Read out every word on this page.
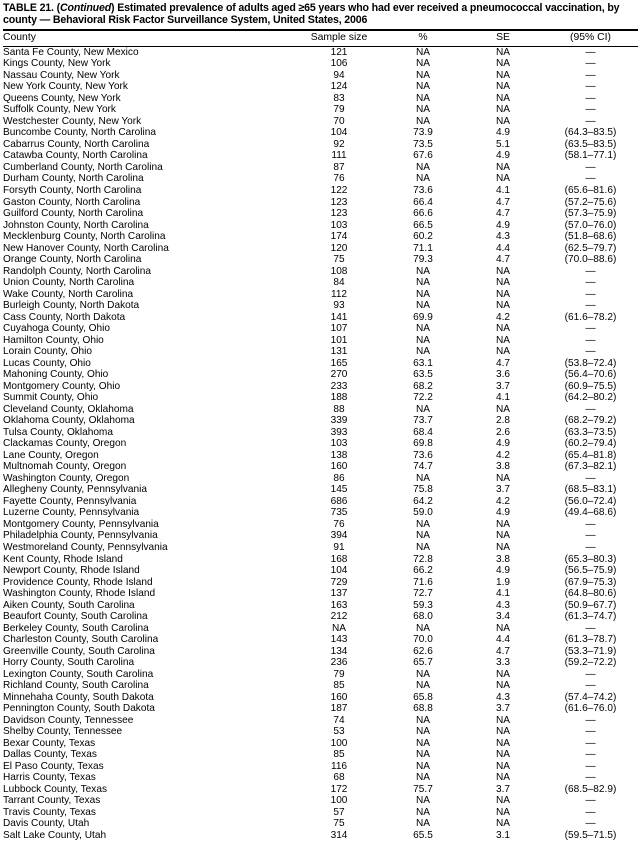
TABLE 21. (Continued) Estimated prevalence of adults aged ≥65 years who had ever received a pneumococcal vaccination, by county — Behavioral Risk Factor Surveillance System, United States, 2006
County	Sample size	%	SE	(95% CI)
Santa Fe County, New Mexico	121	NA	NA	—
Kings County, New York	106	NA	NA	—
Nassau County, New York	94	NA	NA	—
New York County, New York	124	NA	NA	—
Queens County, New York	83	NA	NA	—
Suffolk County, New York	79	NA	NA	—
Westchester County, New York	70	NA	NA	—
Buncombe County, North Carolina	104	73.9	4.9	(64.3–83.5)
Cabarrus County, North Carolina	92	73.5	5.1	(63.5–83.5)
Catawba County, North Carolina	111	67.6	4.9	(58.1–77.1)
Cumberland County, North Carolina	87	NA	NA	—
Durham County, North Carolina	76	NA	NA	—
Forsyth County, North Carolina	122	73.6	4.1	(65.6–81.6)
Gaston County, North Carolina	123	66.4	4.7	(57.2–75.6)
Guilford County, North Carolina	123	66.6	4.7	(57.3–75.9)
Johnston County, North Carolina	103	66.5	4.9	(57.0–76.0)
Mecklenburg County, North Carolina	174	60.2	4.3	(51.8–68.6)
New Hanover County, North Carolina	120	71.1	4.4	(62.5–79.7)
Orange County, North Carolina	75	79.3	4.7	(70.0–88.6)
Randolph County, North Carolina	108	NA	NA	—
Union County, North Carolina	84	NA	NA	—
Wake County, North Carolina	112	NA	NA	—
Burleigh County, North Dakota	93	NA	NA	—
Cass County, North Dakota	141	69.9	4.2	(61.6–78.2)
Cuyahoga County, Ohio	107	NA	NA	—
Hamilton County, Ohio	101	NA	NA	—
Lorain County, Ohio	131	NA	NA	—
Lucas County, Ohio	165	63.1	4.7	(53.8–72.4)
Mahoning County, Ohio	270	63.5	3.6	(56.4–70.6)
Montgomery County, Ohio	233	68.2	3.7	(60.9–75.5)
Summit County, Ohio	188	72.2	4.1	(64.2–80.2)
Cleveland County, Oklahoma	88	NA	NA	—
Oklahoma County, Oklahoma	339	73.7	2.8	(68.2–79.2)
Tulsa County, Oklahoma	393	68.4	2.6	(63.3–73.5)
Clackamas County, Oregon	103	69.8	4.9	(60.2–79.4)
Lane County, Oregon	138	73.6	4.2	(65.4–81.8)
Multnomah County, Oregon	160	74.7	3.8	(67.3–82.1)
Washington County, Oregon	86	NA	NA	—
Allegheny County, Pennsylvania	145	75.8	3.7	(68.5–83.1)
Fayette County, Pennsylvania	686	64.2	4.2	(56.0–72.4)
Luzerne County, Pennsylvania	735	59.0	4.9	(49.4–68.6)
Montgomery County, Pennsylvania	76	NA	NA	—
Philadelphia County, Pennsylvania	394	NA	NA	—
Westmoreland County, Pennsylvania	91	NA	NA	—
Kent County, Rhode Island	168	72.8	3.8	(65.3–80.3)
Newport County, Rhode Island	104	66.2	4.9	(56.5–75.9)
Providence County, Rhode Island	729	71.6	1.9	(67.9–75.3)
Washington County, Rhode Island	137	72.7	4.1	(64.8–80.6)
Aiken County, South Carolina	163	59.3	4.3	(50.9–67.7)
Beaufort County, South Carolina	212	68.0	3.4	(61.3–74.7)
Berkeley County, South Carolina	NA	NA	NA	—
Charleston County, South Carolina	143	70.0	4.4	(61.3–78.7)
Greenville County, South Carolina	134	62.6	4.7	(53.3–71.9)
Horry County, South Carolina	236	65.7	3.3	(59.2–72.2)
Lexington County, South Carolina	79	NA	NA	—
Richland County, South Carolina	85	NA	NA	—
Minnehaha County, South Dakota	160	65.8	4.3	(57.4–74.2)
Pennington County, South Dakota	187	68.8	3.7	(61.6–76.0)
Davidson County, Tennessee	74	NA	NA	—
Shelby County, Tennessee	53	NA	NA	—
Bexar County, Texas	100	NA	NA	—
Dallas County, Texas	85	NA	NA	—
El Paso County, Texas	116	NA	NA	—
Harris County, Texas	68	NA	NA	—
Lubbock County, Texas	172	75.7	3.7	(68.5–82.9)
Tarrant County, Texas	100	NA	NA	—
Travis County, Texas	57	NA	NA	—
Davis County, Utah	75	NA	NA	—
Salt Lake County, Utah	314	65.5	3.1	(59.5–71.5)
